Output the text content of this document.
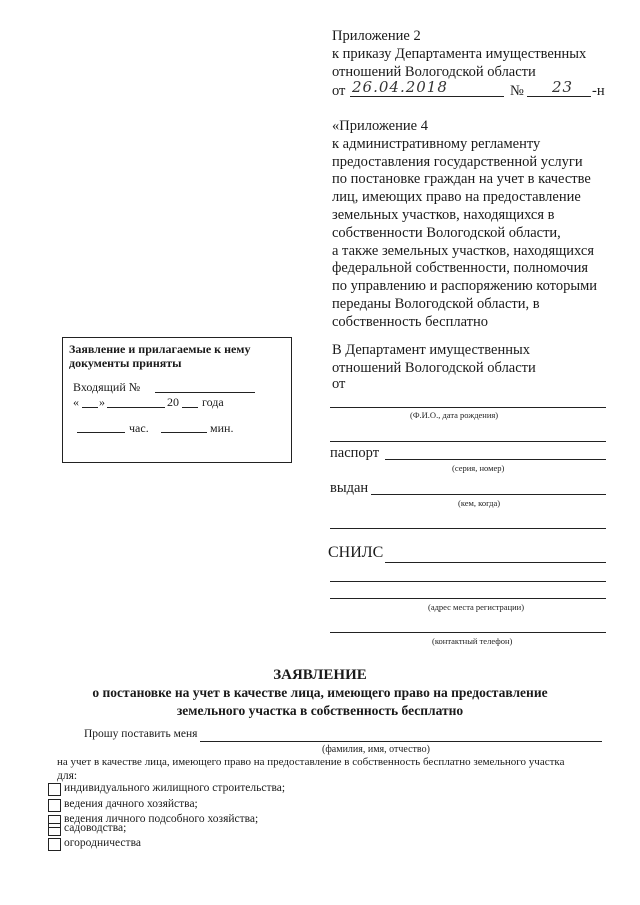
Приложение 2
к приказу Департамента имущественных
отношений Вологодской области
от 26.04.2018	№ 23 -н
«Приложение 4
к административному регламенту
предоставления государственной услуги
по постановке граждан на учет в качестве
лиц, имеющих право на предоставление
земельных участков, находящихся в
собственности Вологодской области,
а также земельных участков, находящихся
федеральной собственности, полномочия
по управлению и распоряжению которыми
переданы Вологодской области, в
собственность бесплатно
Заявление и прилагаемые к нему
документы приняты
Входящий №
« »	20 года
час.	мин.
В Департамент имущественных
отношений Вологодской области
от
(Ф.И.О., дата рождения)
паспорт
(серия, номер)
выдан
(кем, когда)
СНИЛС
(адрес места регистрации)
(контактный телефон)
ЗАЯВЛЕНИЕ
о постановке на учет в качестве лица, имеющего право на предоставление
земельного участка в собственность бесплатно
Прошу поставить меня
(фамилия, имя, отчество)
на учет в качестве лица, имеющего право на предоставление в собственность бесплатно земельного участка
для:
индивидуального жилищного строительства;
ведения дачного хозяйства;
ведения личного подсобного хозяйства;
садоводства;
огородничества
